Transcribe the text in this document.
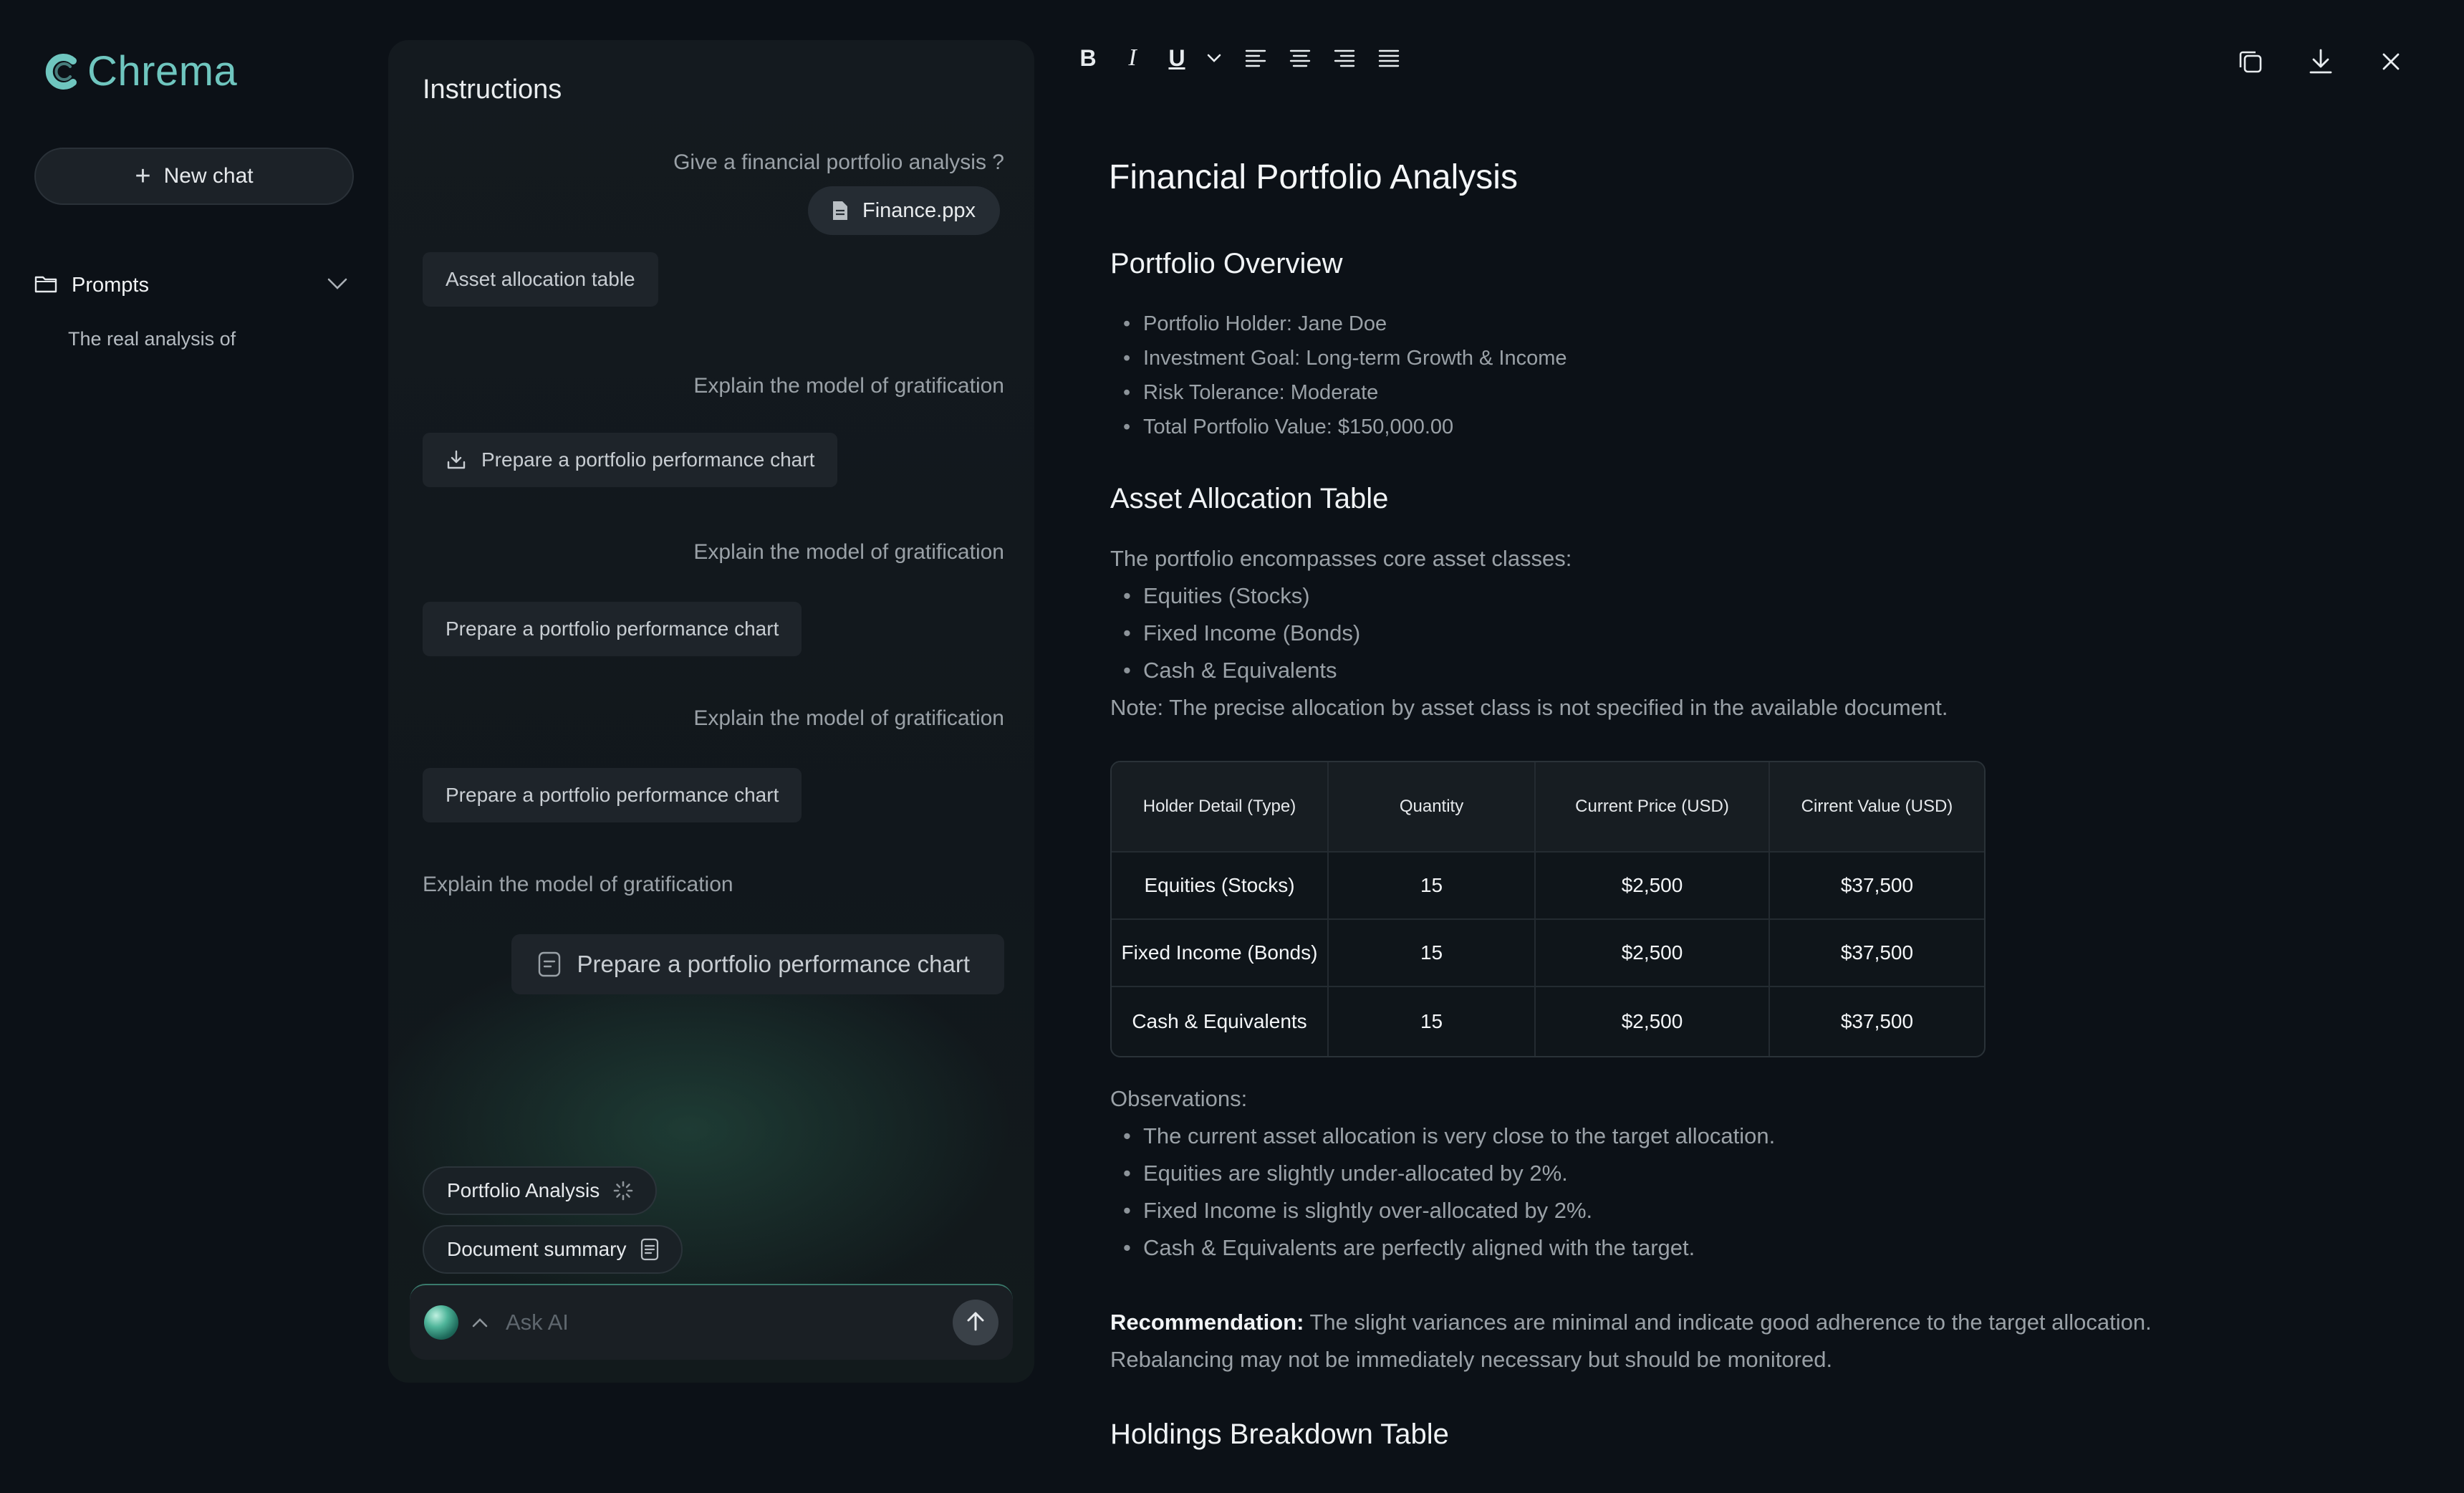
Chrema
+ New chat
Prompts
The real analysis of
Instructions
Give a financial portfolio analysis ?
Finance.ppx
Asset allocation table
Explain the model of gratification
Prepare a portfolio performance chart
Explain the model of gratification
Prepare a portfolio performance chart
Explain the model of gratification
Prepare a portfolio performance chart
Explain the model of gratification
Prepare a portfolio performance chart
Portfolio Analysis
Document summary
Ask AI
B	I	U
Financial Portfolio Analysis
Portfolio Overview
• Portfolio Holder: Jane Doe
• Investment Goal: Long-term Growth & Income
• Risk Tolerance: Moderate
• Total Portfolio Value: $150,000.00
Asset Allocation Table
The portfolio encompasses core asset classes:
• Equities (Stocks)
• Fixed Income (Bonds)
• Cash & Equivalents
Note: The precise allocation by asset class is not specified in the available document.
Holder Detail (Type)	Quantity	Current Price (USD)	Cirrent Value (USD)
Equities (Stocks)	15	$2,500	$37,500
Fixed Income (Bonds)	15	$2,500	$37,500
Cash & Equivalents	15	$2,500	$37,500
Observations:
• The current asset allocation is very close to the target allocation.
• Equities are slightly under-allocated by 2%.
• Fixed Income is slightly over-allocated by 2%.
• Cash & Equivalents are perfectly aligned with the target.
Recommendation: The slight variances are minimal and indicate good adherence to the target allocation.
Rebalancing may not be immediately necessary but should be monitored.
Holdings Breakdown Table
